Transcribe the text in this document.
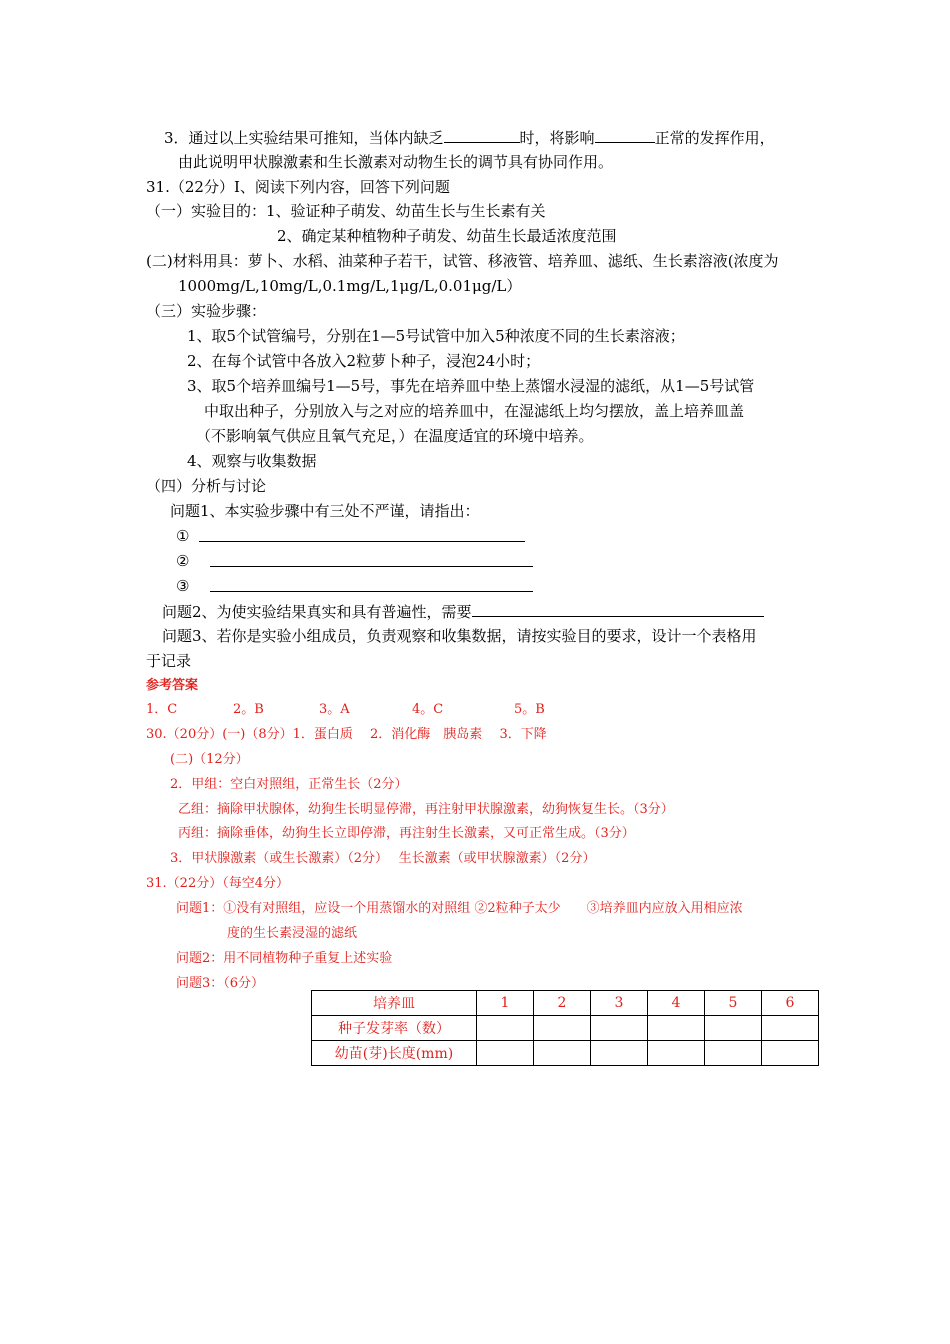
3．通过以上实验结果可推知，当体内缺乏	时，将影响	正常的发挥作用，
由此说明甲状腺激素和生长激素对动物生长的调节具有协同作用。
31.（22分）Ⅰ、阅读下列内容，回答下列问题
（一）实验目的：1、验证种子萌发、幼苗生长与生长素有关
2、确定某种植物种子萌发、幼苗生长最适浓度范围
(二)材料用具：萝卜、水稻、油菜种子若干，试管、移液管、培养皿、滤纸、生长素溶液(浓度为
1000mg/L,10mg/L,0.1mg/L,1μg/L,0.01μg/L）
（三）实验步骤：
1、取5个试管编号，分别在1—5号试管中加入5种浓度不同的生长素溶液；
2、在每个试管中各放入2粒萝卜种子，浸泡24小时；
3、取5个培养皿编号1—5号，事先在培养皿中垫上蒸馏水浸湿的滤纸，从1—5号试管
中取出种子，分别放入与之对应的培养皿中，在湿滤纸上均匀摆放，盖上培养皿盖
（不影响氧气供应且氧气充足，）在温度适宜的环境中培养。
4、观察与收集数据
（四）分析与讨论
问题1、本实验步骤中有三处不严谨，请指出：
①
②
③
问题2、为使实验结果真实和具有普遍性，需要
问题3、若你是实验小组成员，负责观察和收集数据，请按实验目的要求，设计一个表格用
于记录
参考答案
1．C	2。B	3。A	4。C	5。B
30.（20分）(一)（8分）1．蛋白质　 2．消化酶　胰岛素　 3．下降
(二)（12分）
2．甲组：空白对照组，正常生长（2分）
乙组：摘除甲状腺体，幼狗生长明显停滞，再注射甲状腺激素，幼狗恢复生长。（3分）
丙组：摘除垂体，幼狗生长立即停滞，再注射生长激素，又可正常生成。（3分）
3．甲状腺激素（或生长激素）（2分）　 生长激素（或甲状腺激素）（2分）
31.（22分）（每空4分）
问题1：①没有对照组，应设一个用蒸馏水的对照组 ②2粒种子太少　　③培养皿内应放入用相应浓
度的生长素浸湿的滤纸
问题2：用不同植物种子重复上述实验
问题3：（6分）
培养皿	1	2	3	4	5	6
种子发芽率（数）						
幼苗(芽)长度(mm)						
